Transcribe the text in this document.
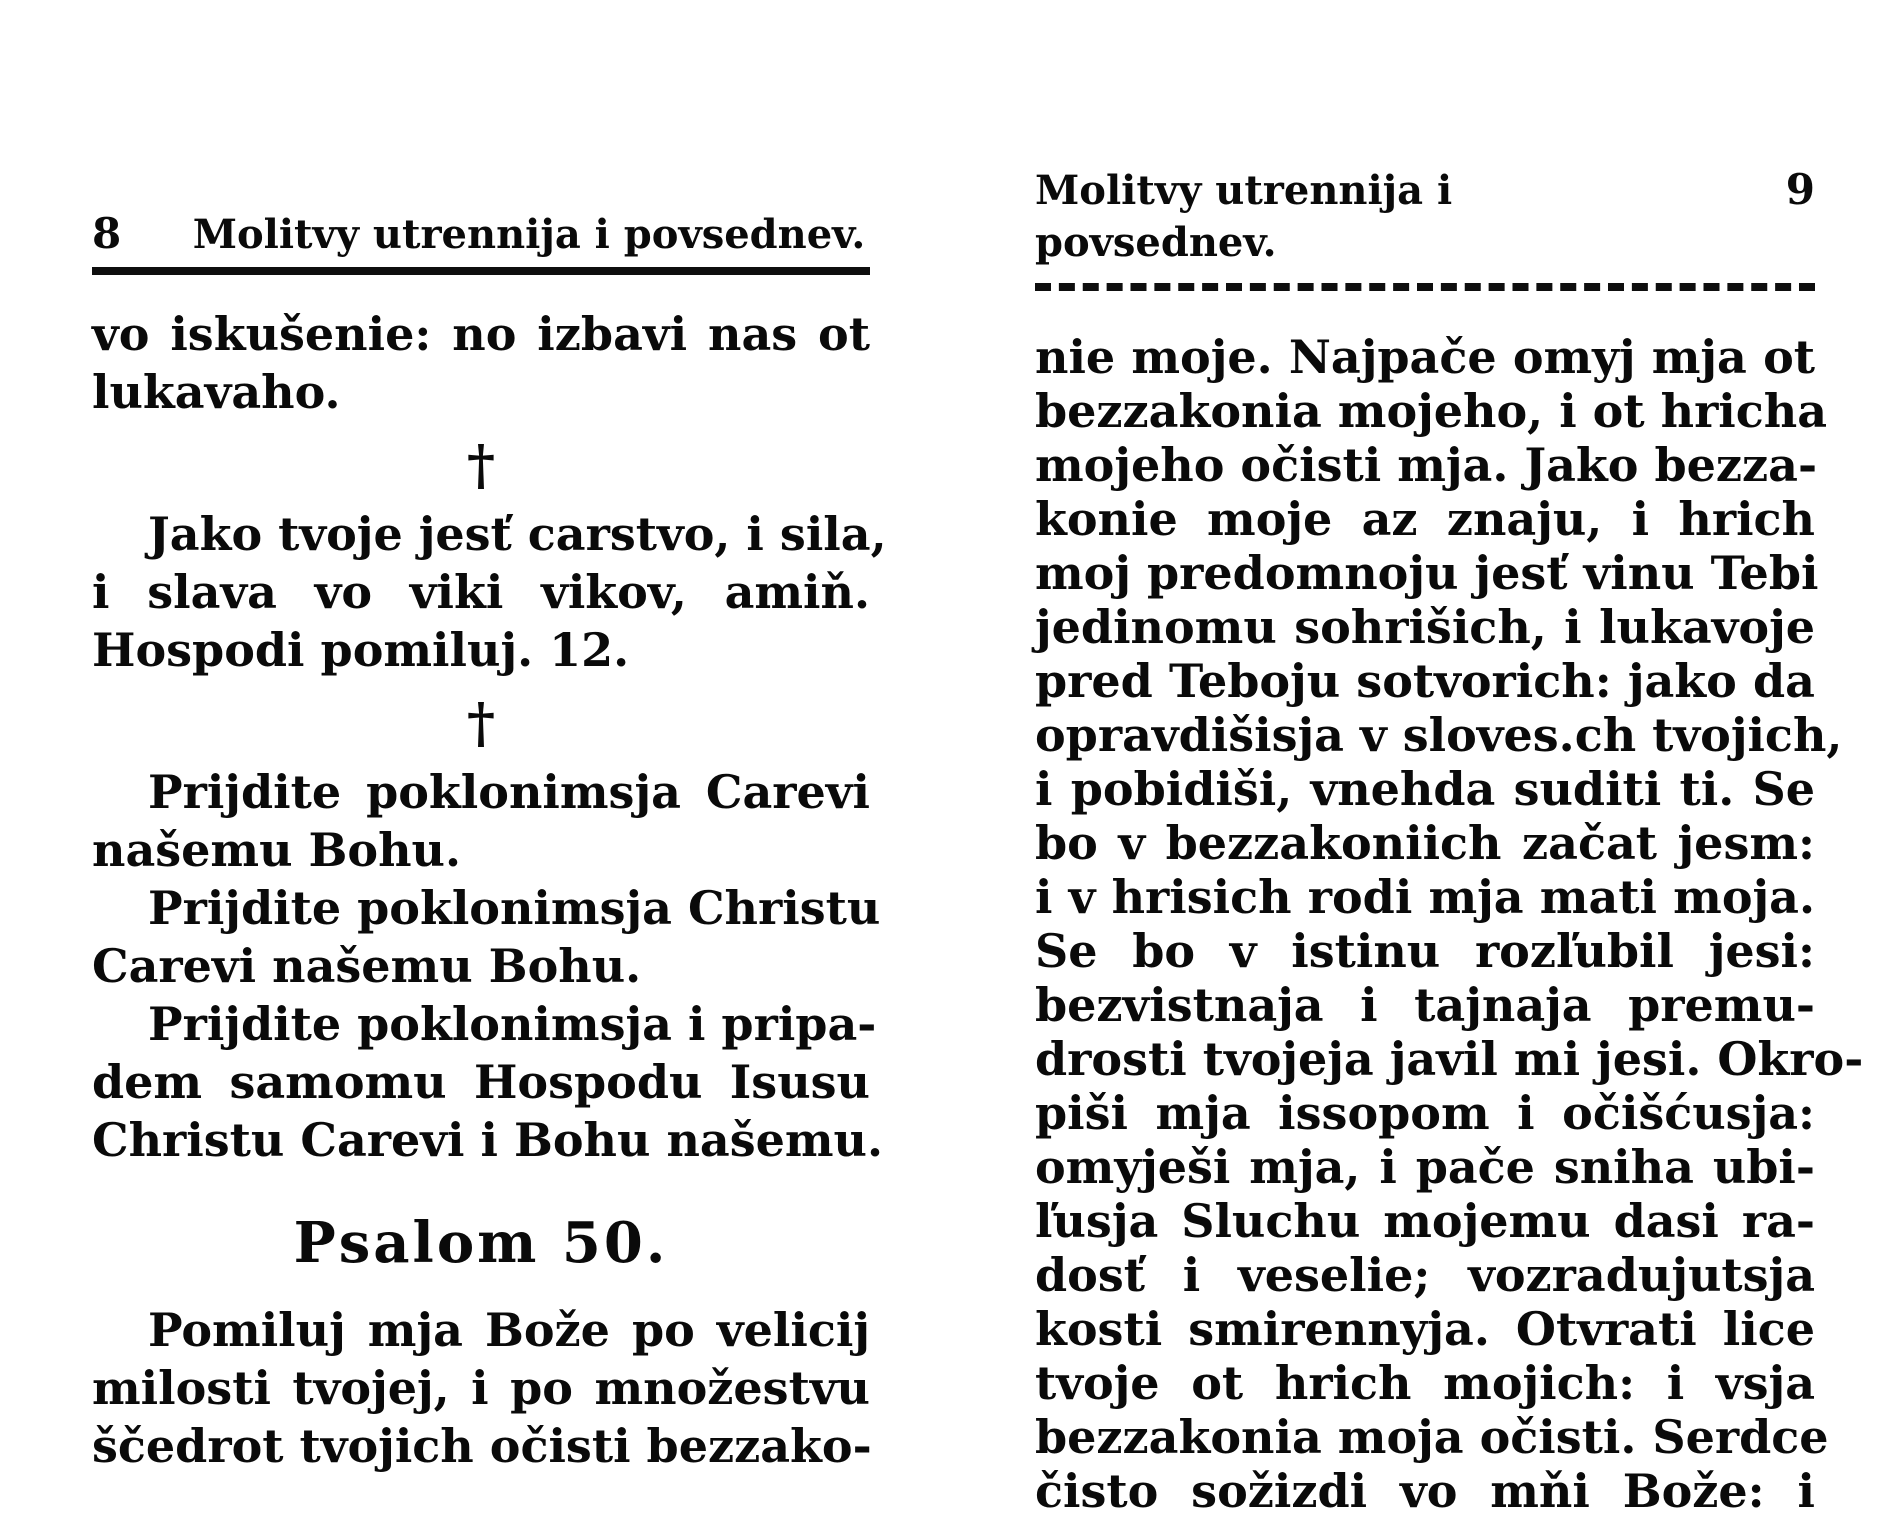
8	Molitvy utrennija i povsednev.
vo iskušenie: no izbavi nas ot
lukavaho.
†
Jako tvoje jesť carstvo, i sila,
i slava vo viki vikov, amiň.
Hospodi pomiluj. 12.
†
Prijdite poklonimsja Carevi
našemu Bohu.
Prijdite poklonimsja Christu
Carevi našemu Bohu.
Prijdite poklonimsja i pripa-
dem samomu Hospodu Isusu
Christu Carevi i Bohu našemu.
Psalom 50.
Pomiluj mja Bože po velicij
milosti tvojej, i po množestvu
ščedrot tvojich očisti bezzako-
Molitvy utrennija i povsednev.
9
nie moje. Najpače omyj mja ot
bezzakonia mojeho, i ot hricha
mojeho očisti mja. Jako bezza-
konie moje az znaju, i hrich
moj predomnoju jesť vinu Tebi
jedinomu sohrišich, i lukavoje
pred Teboju sotvorich: jako da
opravdišisja v sloves.ch tvojich,
i pobidiši, vnehda suditi ti. Se
bo v bezzakoniich začat jesm:
i v hrisich rodi mja mati moja.
Se bo v istinu rozľubil jesi:
bezvistnaja i tajnaja premu-
drosti tvojeja javil mi jesi. Okro-
piši mja issopom i očišćusja:
omyješi mja, i pače sniha ubi-
ľusja Sluchu mojemu dasi ra-
dosť i veselie; vozradujutsja
kosti smirennyja. Otvrati lice
tvoje ot hrich mojich: i vsja
bezzakonia moja očisti. Serdce
čisto sožizdi vo mňi Bože: i
